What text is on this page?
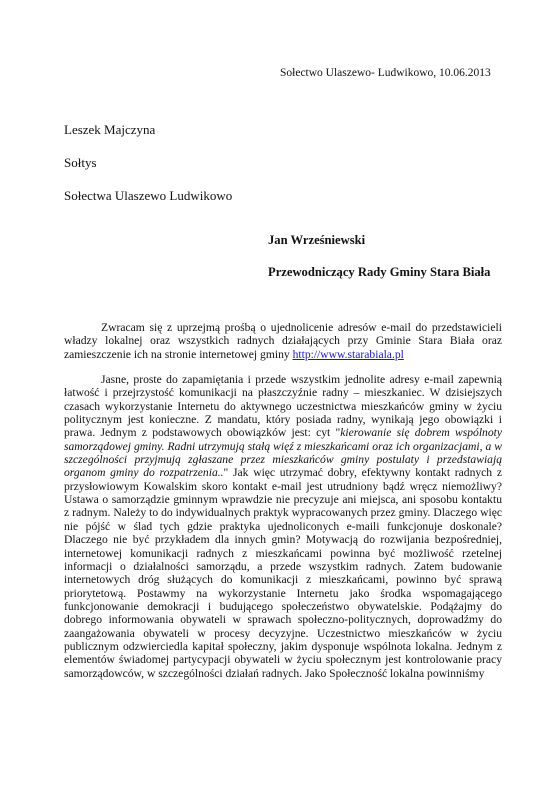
Sołectwo Ulaszewo- Ludwikowo, 10.06.2013
Leszek Majczyna
Sołtys
Sołectwa Ulaszewo Ludwikowo
Jan Wrześniewski
Przewodniczący Rady Gminy Stara Biała

Zwracam się z uprzejmą prośbą o ujednolicenie adresów e-mail do przedstawicieli władzy lokalnej oraz wszystkich radnych działających przy Gminie Stara Biała oraz zamieszczenie ich na stronie internetowej gminy http://www.starabiala.pl

Jasne, proste do zapamiętania i przede wszystkim jednolite adresy e-mail zapewnią łatwość i przejrzystość komunikacji na płaszczyźnie radny – mieszkaniec. W dzisiejszych czasach wykorzystanie Internetu do aktywnego uczestnictwa mieszkańców gminy w życiu politycznym jest konieczne. Z mandatu, który posiada radny, wynikają jego obowiązki i prawa. Jednym z podstawowych obowiązków jest: cyt "kierowanie się dobrem wspólnoty samorządowej gminy. Radni utrzymują stałą więź z mieszkańcami oraz ich organizacjami, a w szczególności przyjmują zgłaszane przez mieszkańców gminy postulaty i przedstawiają organom gminy do rozpatrzenia.." Jak więc utrzymać dobry, efektywny kontakt radnych z przysłowiowym Kowalskim skoro kontakt e-mail jest utrudniony bądź wręcz niemożliwy? Ustawa o samorządzie gminnym wprawdzie nie precyzuje ani miejsca, ani sposobu kontaktu z radnym. Należy to do indywidualnych praktyk wypracowanych przez gminy. Dlaczego więc nie pójść w ślad tych gdzie praktyka ujednoliconych e-maili funkcjonuje doskonale? Dlaczego nie być przykładem dla innych gmin? Motywacją do rozwijania bezpośredniej, internetowej komunikacji radnych z mieszkańcami powinna być możliwość rzetelnej informacji o działalności samorządu, a przede wszystkim radnych. Zatem budowanie internetowych dróg służących do komunikacji z mieszkańcami, powinno być sprawą priorytetową. Postawmy na wykorzystanie Internetu jako środka wspomagającego funkcjonowanie demokracji i budującego społeczeństwo obywatelskie. Podążajmy do dobrego informowania obywateli w sprawach społeczno-politycznych, doprowadźmy do zaangażowania obywateli w procesy decyzyjne. Uczestnictwo mieszkańców w życiu publicznym odzwierciedla kapitał społeczny, jakim dysponuje wspólnota lokalna. Jednym z elementów świadomej partycypacji obywateli w życiu społecznym jest kontrolowanie pracy samorządowców, w szczególności działań radnych. Jako Społeczność lokalna powinniśmy
